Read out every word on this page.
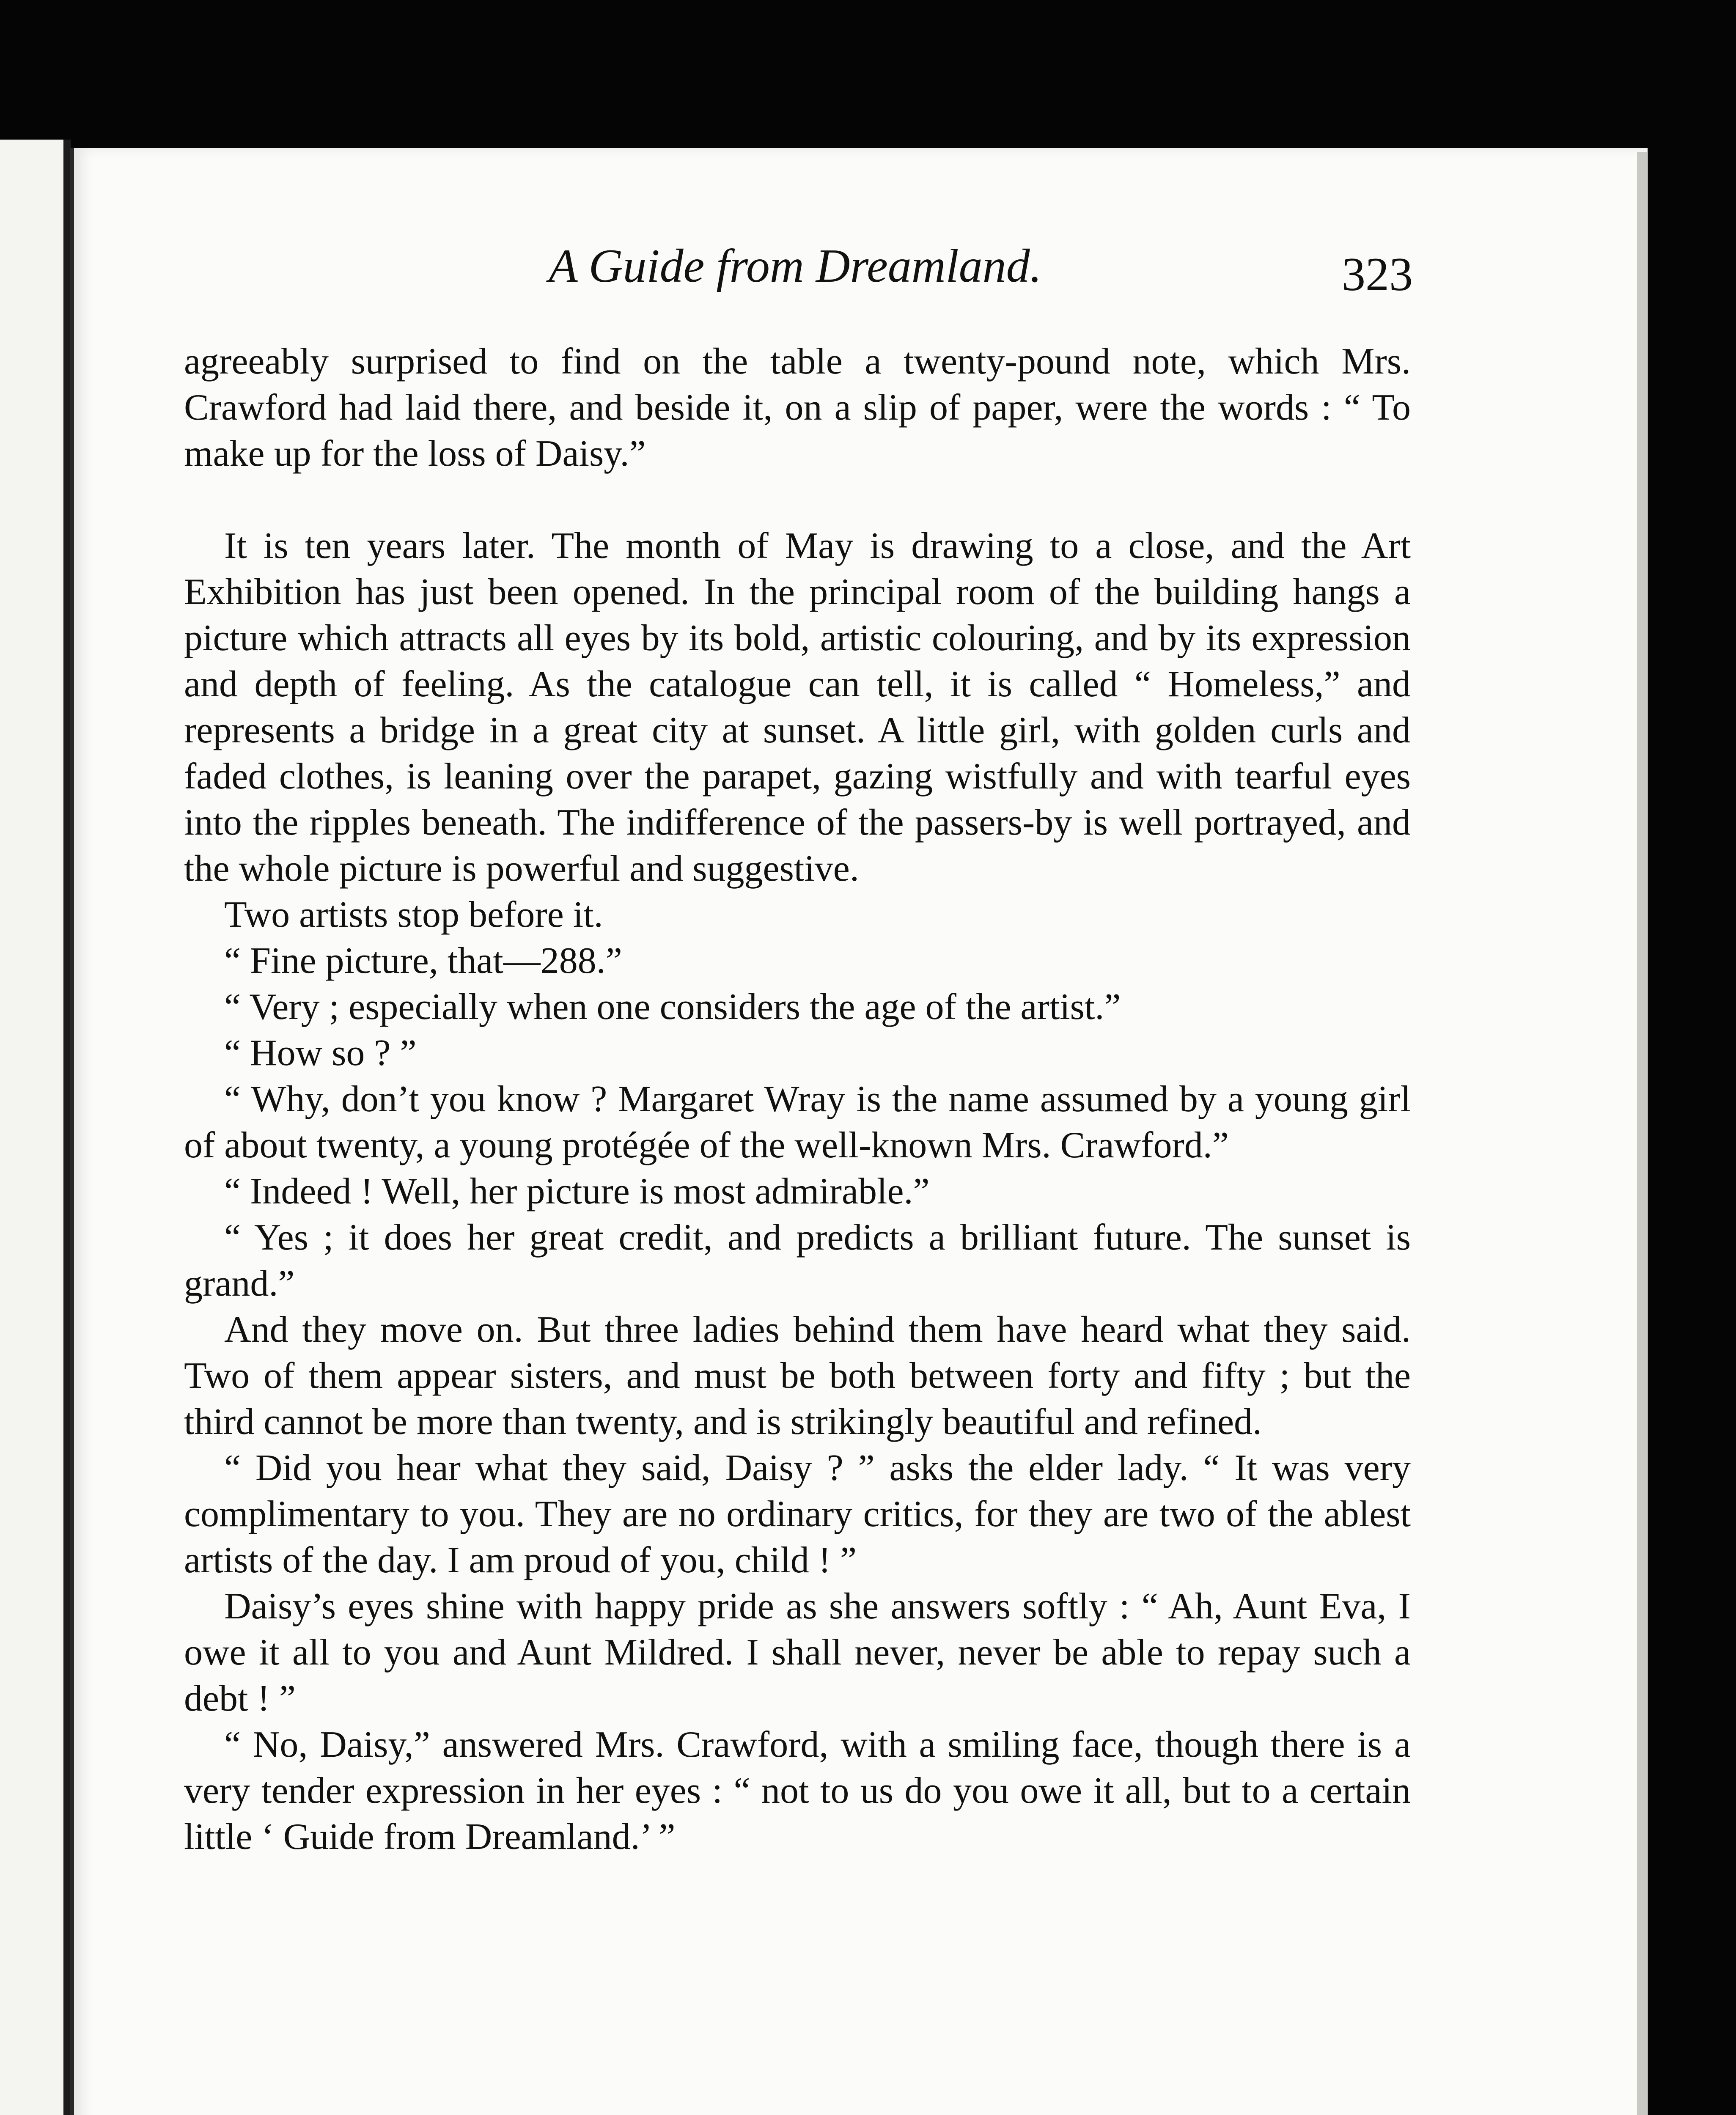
A Guide from Dreamland.	323

agreeably surprised to find on the table a twenty-pound note, which Mrs. Crawford had laid there, and beside it, on a slip of paper, were the words : “ To make up for the loss of Daisy.”

It is ten years later. The month of May is drawing to a close, and the Art Exhibition has just been opened. In the principal room of the building hangs a picture which attracts all eyes by its bold, artistic colouring, and by its expression and depth of feeling. As the catalogue can tell, it is called “ Homeless,” and represents a bridge in a great city at sunset. A little girl, with golden curls and faded clothes, is leaning over the parapet, gazing wistfully and with tearful eyes into the ripples beneath. The indifference of the passers-by is well portrayed, and the whole picture is powerful and suggestive.

Two artists stop before it.

“ Fine picture, that—288.”

“ Very ; especially when one considers the age of the artist.”

“ How so ? ”

“ Why, don’t you know ? Margaret Wray is the name assumed by a young girl of about twenty, a young protégée of the well-known Mrs. Crawford.”

“ Indeed ! Well, her picture is most admirable.”

“ Yes ; it does her great credit, and predicts a brilliant future. The sunset is grand.”

And they move on. But three ladies behind them have heard what they said. Two of them appear sisters, and must be both between forty and fifty ; but the third cannot be more than twenty, and is strikingly beautiful and refined.

“ Did you hear what they said, Daisy ? ” asks the elder lady. “ It was very complimentary to you. They are no ordinary critics, for they are two of the ablest artists of the day. I am proud of you, child ! ”

Daisy’s eyes shine with happy pride as she answers softly : “ Ah, Aunt Eva, I owe it all to you and Aunt Mildred. I shall never, never be able to repay such a debt ! ”

“ No, Daisy,” answered Mrs. Crawford, with a smiling face, though there is a very tender expression in her eyes : “ not to us do you owe it all, but to a certain little ‘ Guide from Dreamland.’ ”
